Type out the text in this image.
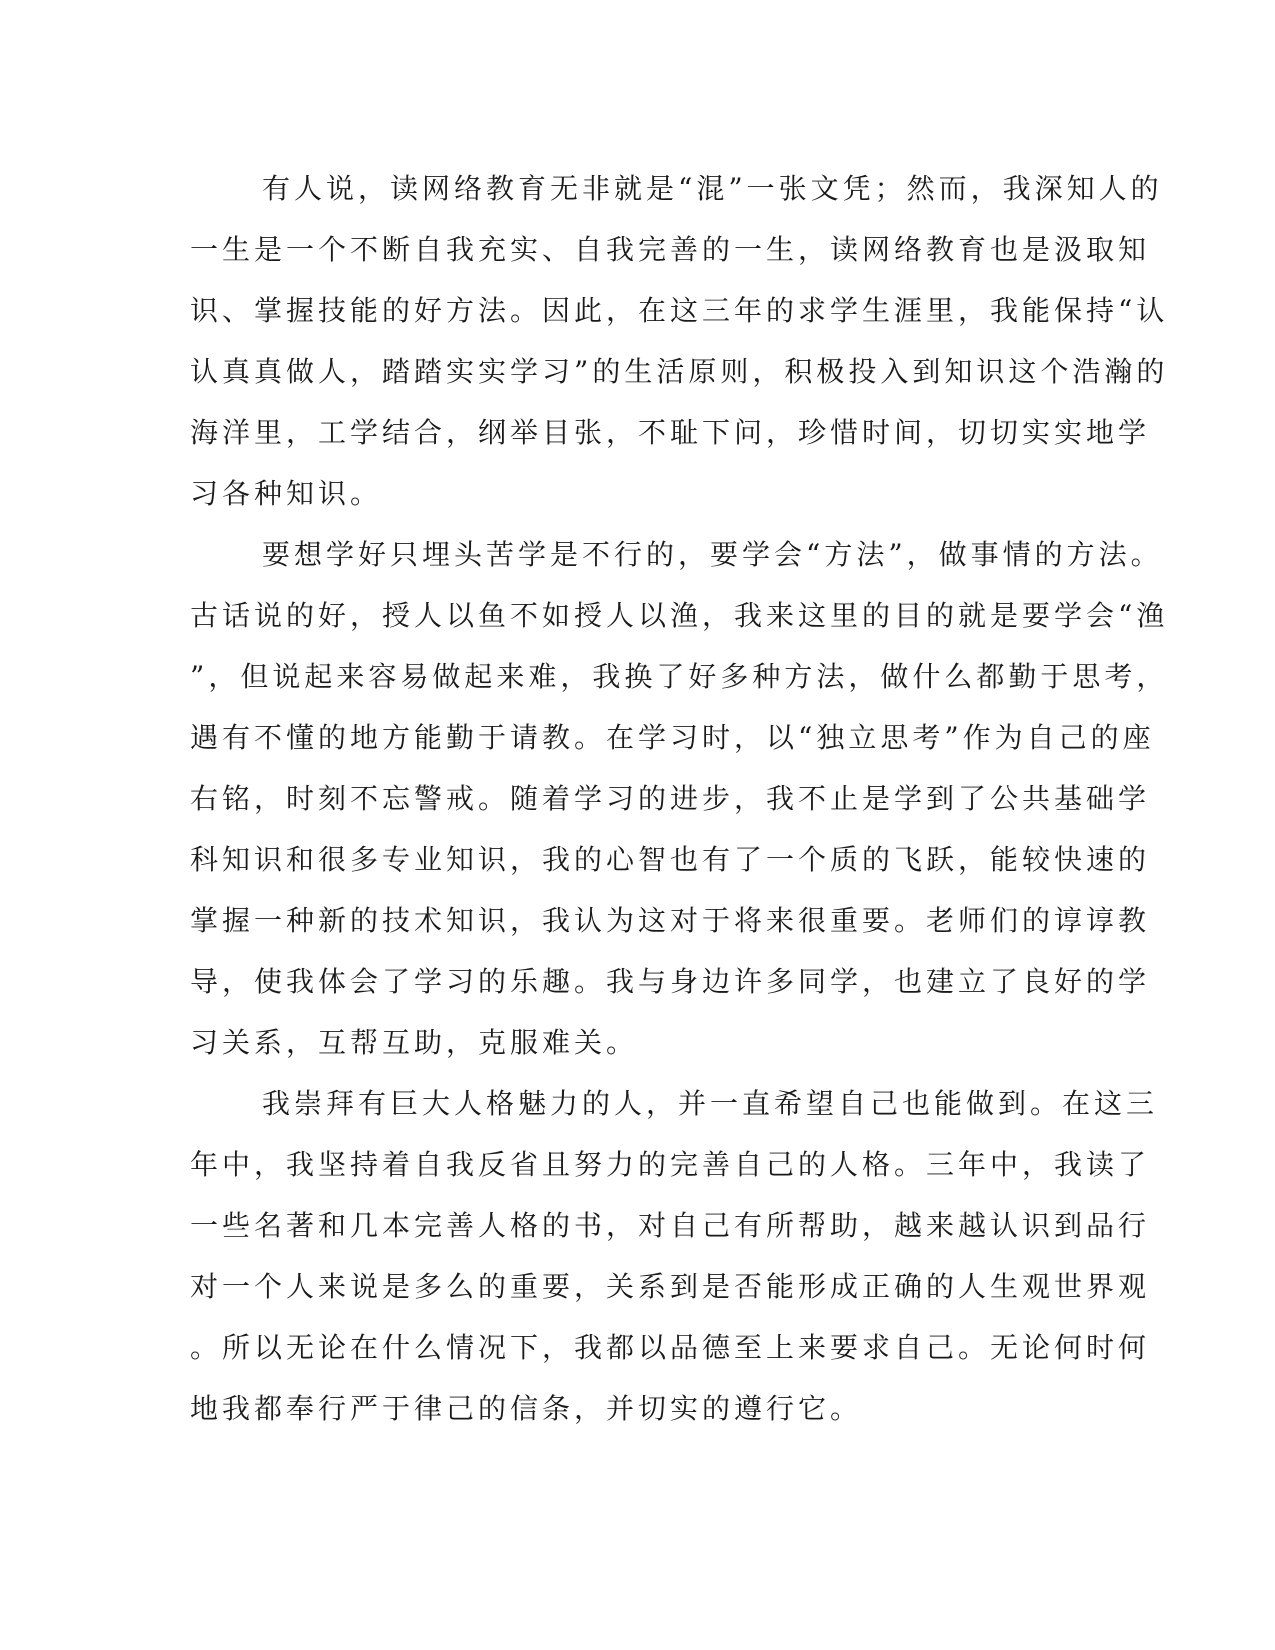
有人说，读网络教育无非就是“混”一张文凭；然而，我深知人的
一生是一个不断自我充实、自我完善的一生，读网络教育也是汲取知
识、掌握技能的好方法。因此，在这三年的求学生涯里，我能保持“认
认真真做人，踏踏实实学习”的生活原则，积极投入到知识这个浩瀚的
海洋里，工学结合，纲举目张，不耻下问，珍惜时间，切切实实地学
习各种知识。
要想学好只埋头苦学是不行的，要学会“方法”，做事情的方法。
古话说的好，授人以鱼不如授人以渔，我来这里的目的就是要学会“渔
”，但说起来容易做起来难，我换了好多种方法，做什么都勤于思考，
遇有不懂的地方能勤于请教。在学习时，以“独立思考”作为自己的座
右铭，时刻不忘警戒。随着学习的进步，我不止是学到了公共基础学
科知识和很多专业知识，我的心智也有了一个质的飞跃，能较快速的
掌握一种新的技术知识，我认为这对于将来很重要。老师们的谆谆教
导，使我体会了学习的乐趣。我与身边许多同学，也建立了良好的学
习关系，互帮互助，克服难关。
我崇拜有巨大人格魅力的人，并一直希望自己也能做到。在这三
年中，我坚持着自我反省且努力的完善自己的人格。三年中，我读了
一些名著和几本完善人格的书，对自己有所帮助，越来越认识到品行
对一个人来说是多么的重要，关系到是否能形成正确的人生观世界观
。所以无论在什么情况下，我都以品德至上来要求自己。无论何时何
地我都奉行严于律己的信条，并切实的遵行它。
